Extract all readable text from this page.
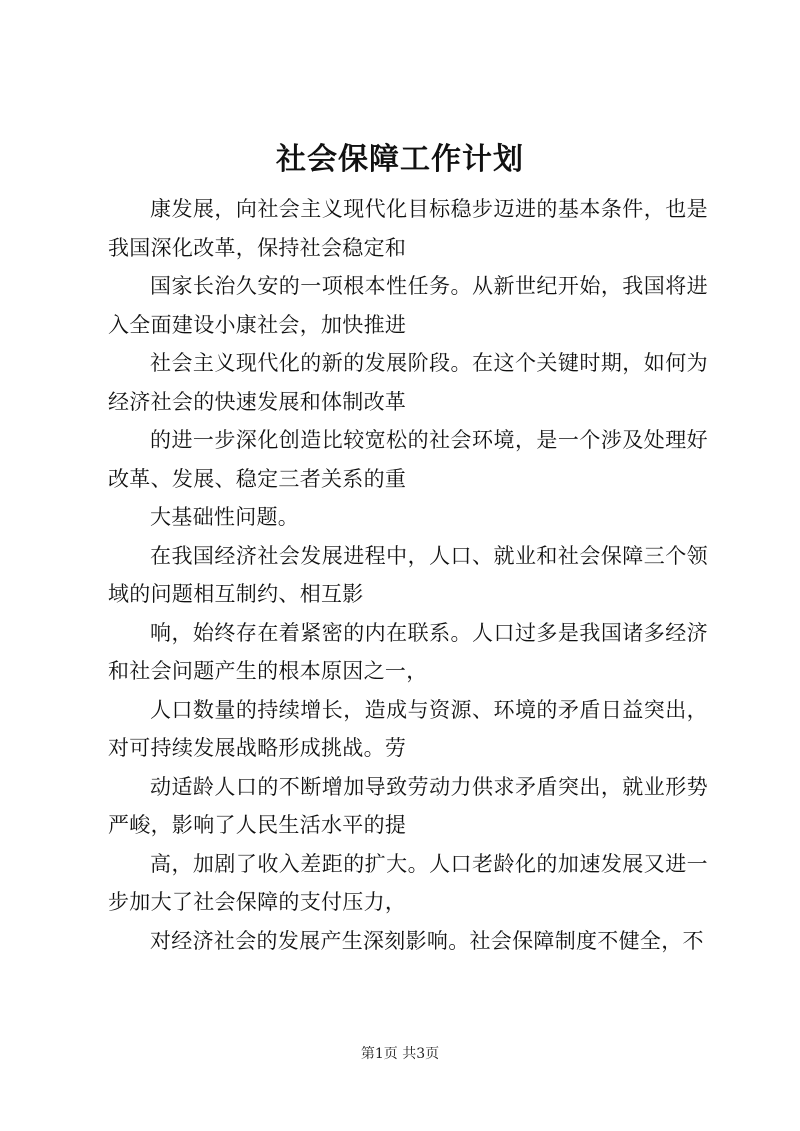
社会保障工作计划

康发展，向社会主义现代化目标稳步迈进的基本条件，也是我国深化改革，保持社会稳定和

国家长治久安的一项根本性任务。从新世纪开始，我国将进入全面建设小康社会，加快推进

社会主义现代化的新的发展阶段。在这个关键时期，如何为经济社会的快速发展和体制改革

的进一步深化创造比较宽松的社会环境，是一个涉及处理好改革、发展、稳定三者关系的重

大基础性问题。

在我国经济社会发展进程中，人口、就业和社会保障三个领域的问题相互制约、相互影

响，始终存在着紧密的内在联系。人口过多是我国诸多经济和社会问题产生的根本原因之一，

人口数量的持续增长，造成与资源、环境的矛盾日益突出，对可持续发展战略形成挑战。劳

动适龄人口的不断增加导致劳动力供求矛盾突出，就业形势严峻，影响了人民生活水平的提

高，加剧了收入差距的扩大。人口老龄化的加速发展又进一步加大了社会保障的支付压力，

对经济社会的发展产生深刻影响。社会保障制度不健全，不

第1页 共3页
